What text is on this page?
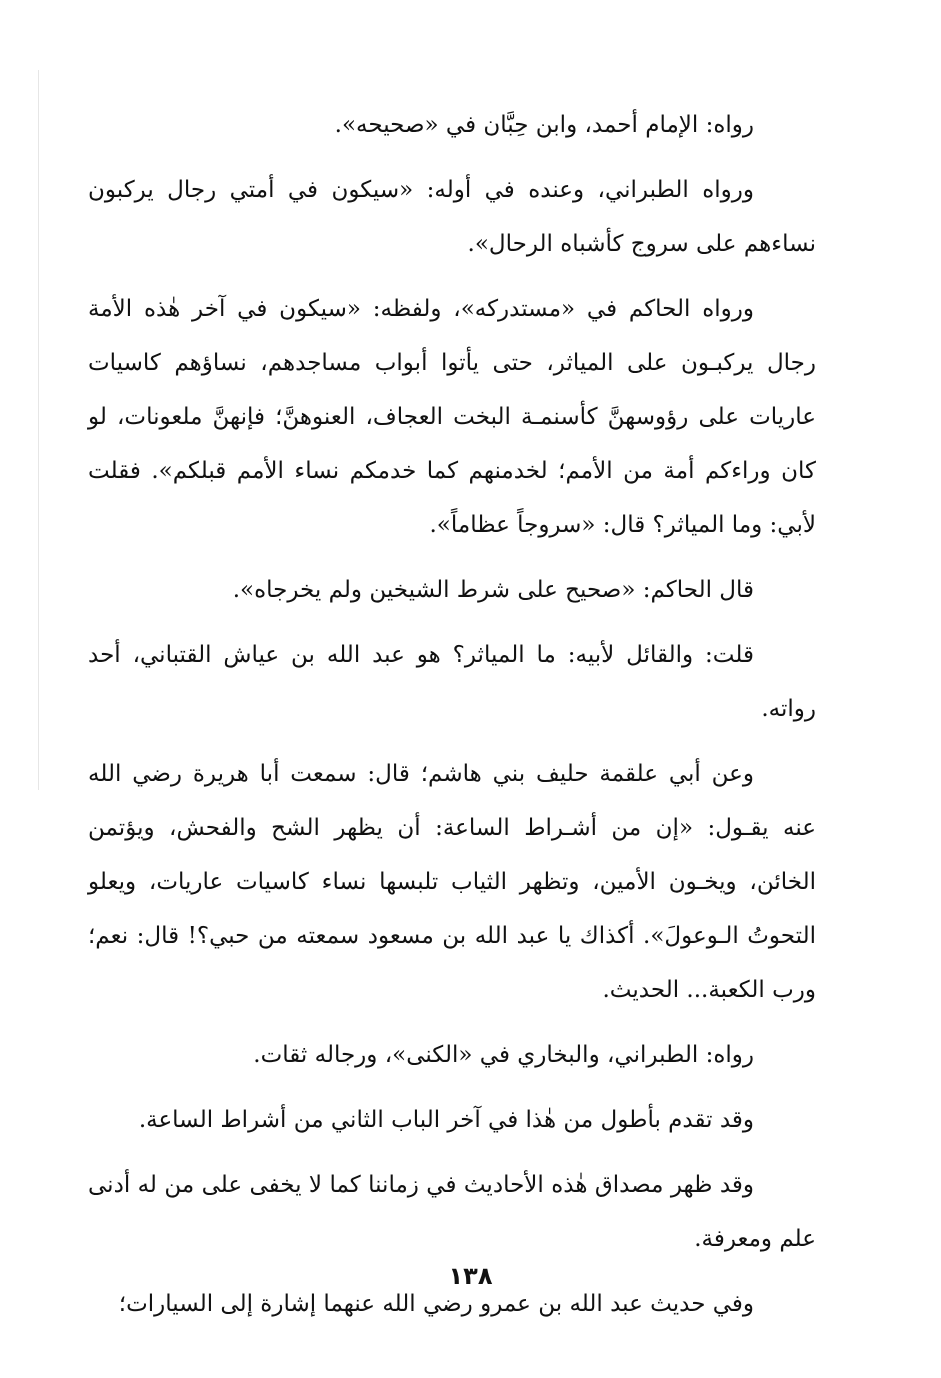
رواه: الإمام أحمد، وابن حِبَّان في «صحيحه».

ورواه الطبراني، وعنده في أوله: «سيكون في أمتي رجال يركبون نساءهم على سروج كأشباه الرحال».

ورواه الحاكم في «مستدركه»، ولفظه: «سيكون في آخر هٰذه الأمة رجال يركبـون على المياثر، حتى يأتوا أبواب مساجدهم، نساؤهم كاسيات عاريات على رؤوسهنَّ كأسنمـة البخت العجاف، العنوهنَّ؛ فإنهنَّ ملعونات، لو كان وراءكم أمة من الأمم؛ لخدمنهم كما خدمكم نساء الأمم قبلكم». فقلت لأبي: وما المياثر؟ قال: «سروجاً عظاماً».

قال الحاكم: «صحيح على شرط الشيخين ولم يخرجاه».

قلت: والقائل لأبيه: ما المياثر؟ هو عبد الله بن عياش القتباني، أحد رواته.

وعن أبي علقمة حليف بني هاشم؛ قال: سمعت أبا هريرة رضي الله عنه يقـول: «إن من أشـراط الساعة: أن يظهر الشح والفحش، ويؤتمن الخائن، ويخـون الأمين، وتظهر الثياب تلبسها نساء كاسيات عاريات، ويعلو التحوتُ الـوعولَ». أكذاك يا عبد الله بن مسعود سمعته من حبي؟! قال: نعم؛ ورب الكعبة... الحديث.

رواه: الطبراني، والبخاري في «الكنى»، ورجاله ثقات.

وقد تقدم بأطول من هٰذا في آخر الباب الثاني من أشراط الساعة.

وقد ظهر مصداق هٰذه الأحاديث في زماننا كما لا يخفى على من له أدنى علم ومعرفة.

وفي حديث عبد الله بن عمرو رضي الله عنهما إشارة إلى السيارات؛

١٣٨
